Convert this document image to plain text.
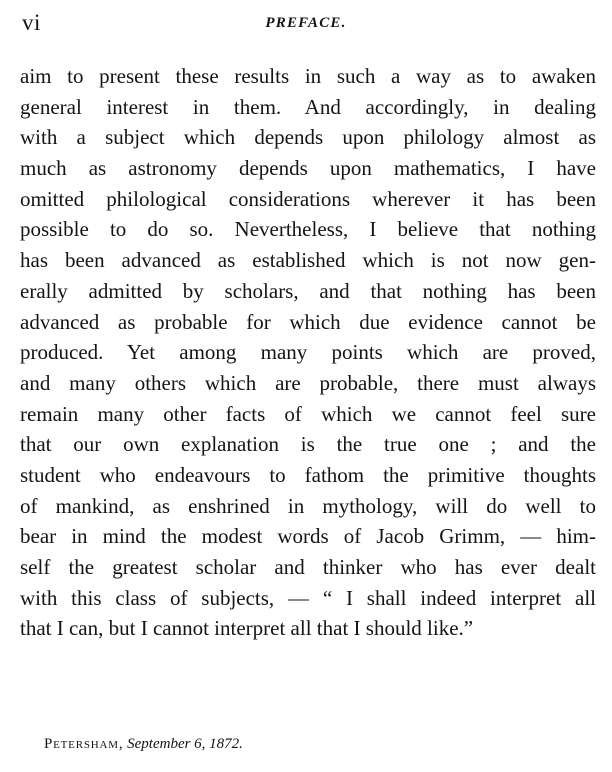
vi	PREFACE.
aim to present these results in such a way as to awaken
general interest in them. And accordingly, in dealing
with a subject which depends upon philology almost as
much as astronomy depends upon mathematics, I have
omitted philological considerations wherever it has been
possible to do so. Nevertheless, I believe that nothing
has been advanced as established which is not now gen-
erally admitted by scholars, and that nothing has been
advanced as probable for which due evidence cannot be
produced. Yet among many points which are proved,
and many others which are probable, there must always
remain many other facts of which we cannot feel sure
that our own explanation is the true one ; and the
student who endeavours to fathom the primitive thoughts
of mankind, as enshrined in mythology, will do well to
bear in mind the modest words of Jacob Grimm, — him-
self the greatest scholar and thinker who has ever dealt
with this class of subjects, — “ I shall indeed interpret all
that I can, but I cannot interpret all that I should like.”
Petersham, September 6, 1872.
